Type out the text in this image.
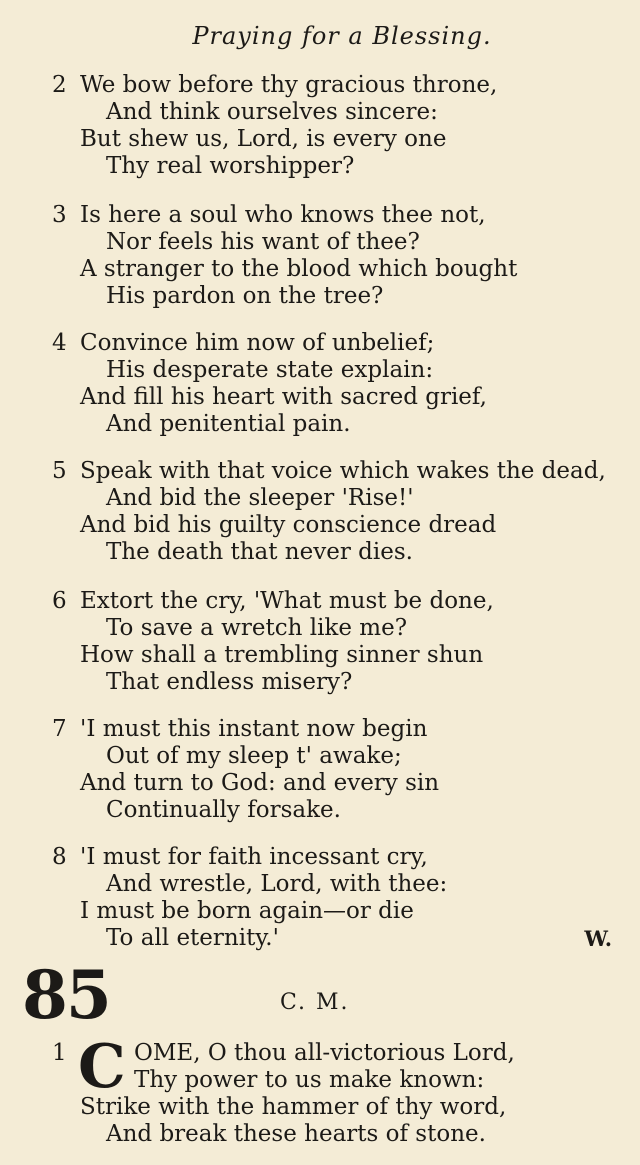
Praying for a Blessing.
2 We bow before thy gracious throne,
And think ourselves sincere:
But shew us, Lord, is every one
Thy real worshipper?
3 Is here a soul who knows thee not,
Nor feels his want of thee?
A stranger to the blood which bought
His pardon on the tree?
4 Convince him now of unbelief;
His desperate state explain:
And fill his heart with sacred grief,
And penitential pain.
5 Speak with that voice which wakes the dead,
And bid the sleeper 'Rise!'
And bid his guilty conscience dread
The death that never dies.
6 Extort the cry, 'What must be done,
To save a wretch like me?
How shall a trembling sinner shun
That endless misery?
7 'I must this instant now begin
Out of my sleep t' awake;
And turn to God: and every sin
Continually forsake.
8 'I must for faith incessant cry,
And wrestle, Lord, with thee:
I must be born again—or die
To all eternity.'	W.
85	C. M.
C
1	OME, O thou all-victorious Lord,
Thy power to us make known:
Strike with the hammer of thy word,
And break these hearts of stone.
